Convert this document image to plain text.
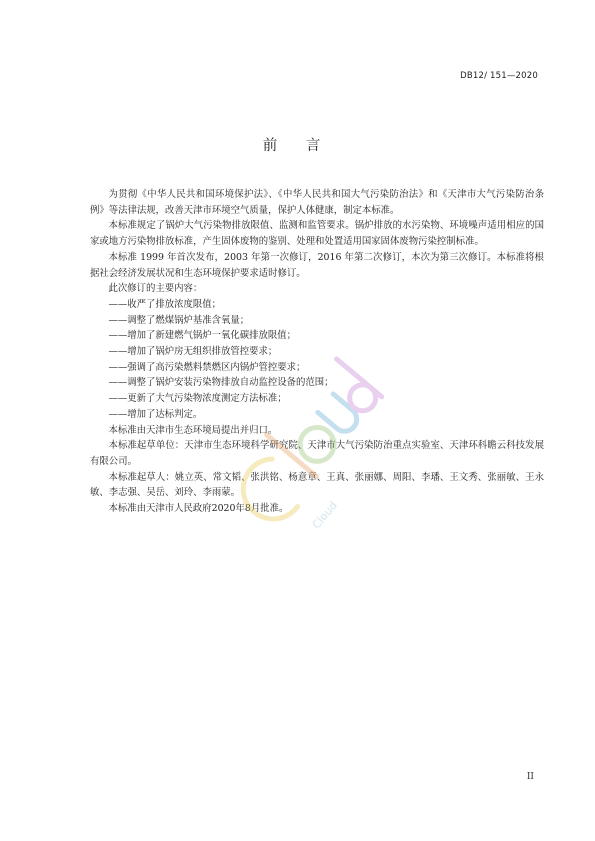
DB12/ 151—2020
前 言

为贯彻《中华人民共和国环境保护法》、《中华人民共和国大气污染防治法》和《天津市大气污染防治条例》等法律法规，改善天津市环境空气质量，保护人体健康，制定本标准。

本标准规定了锅炉大气污染物排放限值、监测和监管要求。锅炉排放的水污染物、环境噪声适用相应的国家或地方污染物排放标准，产生固体废物的鉴别、处理和处置适用国家固体废物污染控制标准。

本标准 1999 年首次发布，2003 年第一次修订，2016 年第二次修订，本次为第三次修订。本标准将根据社会经济发展状况和生态环境保护要求适时修订。

此次修订的主要内容：

——收严了排放浓度限值；

——调整了燃煤锅炉基准含氧量；

——增加了新建燃气锅炉一氧化碳排放限值；

——增加了锅炉房无组织排放管控要求；

——强调了高污染燃料禁燃区内锅炉管控要求；

——调整了锅炉安装污染物排放自动监控设备的范围；

——更新了大气污染物浓度测定方法标准；

——增加了达标判定。

本标准由天津市生态环境局提出并归口。

本标准起草单位：天津市生态环境科学研究院、天津市大气污染防治重点实验室、天津环科瞻云科技发展有限公司。

本标准起草人：姚立英、常文韬、张洪铭、杨意章、王真、张丽娜、周阳、李璠、王文秀、张丽敏、王永敏、李志强、吴岳、刘玲、李雨蒙。

本标准由天津市人民政府2020年8月批准。	Cloud
II
